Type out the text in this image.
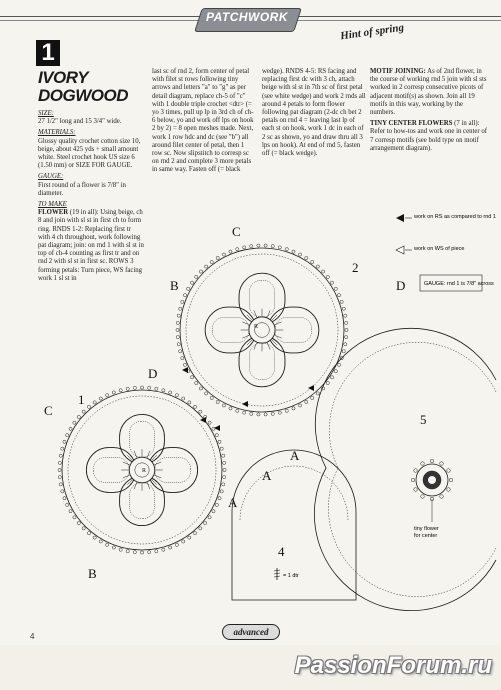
PATCHWORK
Hint of spring
1
IVORY
DOGWOOD

SIZE:
27 1/2" long and 15 3/4" wide.

MATERIALS:
Glossy quality crochet cotton size 10, beige, about 425 yds + small amount white. Steel crochet hook US size 6 (1.50 mm) or SIZE FOR GAUGE.

GAUGE:
First round of a flower is 7/8" in diameter.

TO MAKE
FLOWER (19 in all): Using beige, ch 8 and join with sl st in first ch to form ring. RNDS 1-2: Replacing first tr with 4 ch throughout, work following pat diagram; join: on rnd 1 with sl st in top of ch-4 counting as first tr and on rnd 2 with sl st in first sc. ROWS 3 forming petals: Turn piece, WS facing work 1 sl st in

last sc of rnd 2, form center of petal with filet st rows following tiny arrows and letters "a" to "g" as per detail diagram, replace ch-5 of "c" with 1 double triple crochet <dtr> (= yo 3 times, pull up lp in 3rd ch of ch-6 below, yo and work off lps on hook 2 by 2) = 8 open meshes made. Next, work 1 row hdc and dc (see "b") all around filet center of petal, then 1 row sc. Now slipstitch to corresp sc on rnd 2 and complete 3 more petals in same way. Fasten off (= black

wedge). RNDS 4-5: RS facing and replacing first dc with 3 ch, attach beige with sl st in 7th sc of first petal (see white wedge) and work 2 rnds all around 4 petals to form flower following pat diagram (2-dc ch bet 2 petals on rnd 4 = leaving last lp of each st on hook, work 1 dc in each of 2 sc as shown, yo and draw thru all 3 lps on hook). At end of rnd 5, fasten off (= black wedge).

MOTIF JOINING: As of 2nd flower, in the course of working rnd 5 join with sl sts worked in 2 corresp consecutive picots of adjacent motif(s) as shown. Join all 19 motifs in this way, working by the numbers.

TINY CENTER FLOWERS (7 in all): Refer to how-tos and work one in center of 7 corresp motifs (see bold type on motif arrangement diagram).

work on RS as compared to rnd 1
work on WS of piece
GAUGE: rnd 1 is 7/8" across
C
B	D
2
D
C
1
A
A
A
B
4
5
R
R
= 1 dtr
tiny flower
for center
4	advanced
PassionForum.ru
